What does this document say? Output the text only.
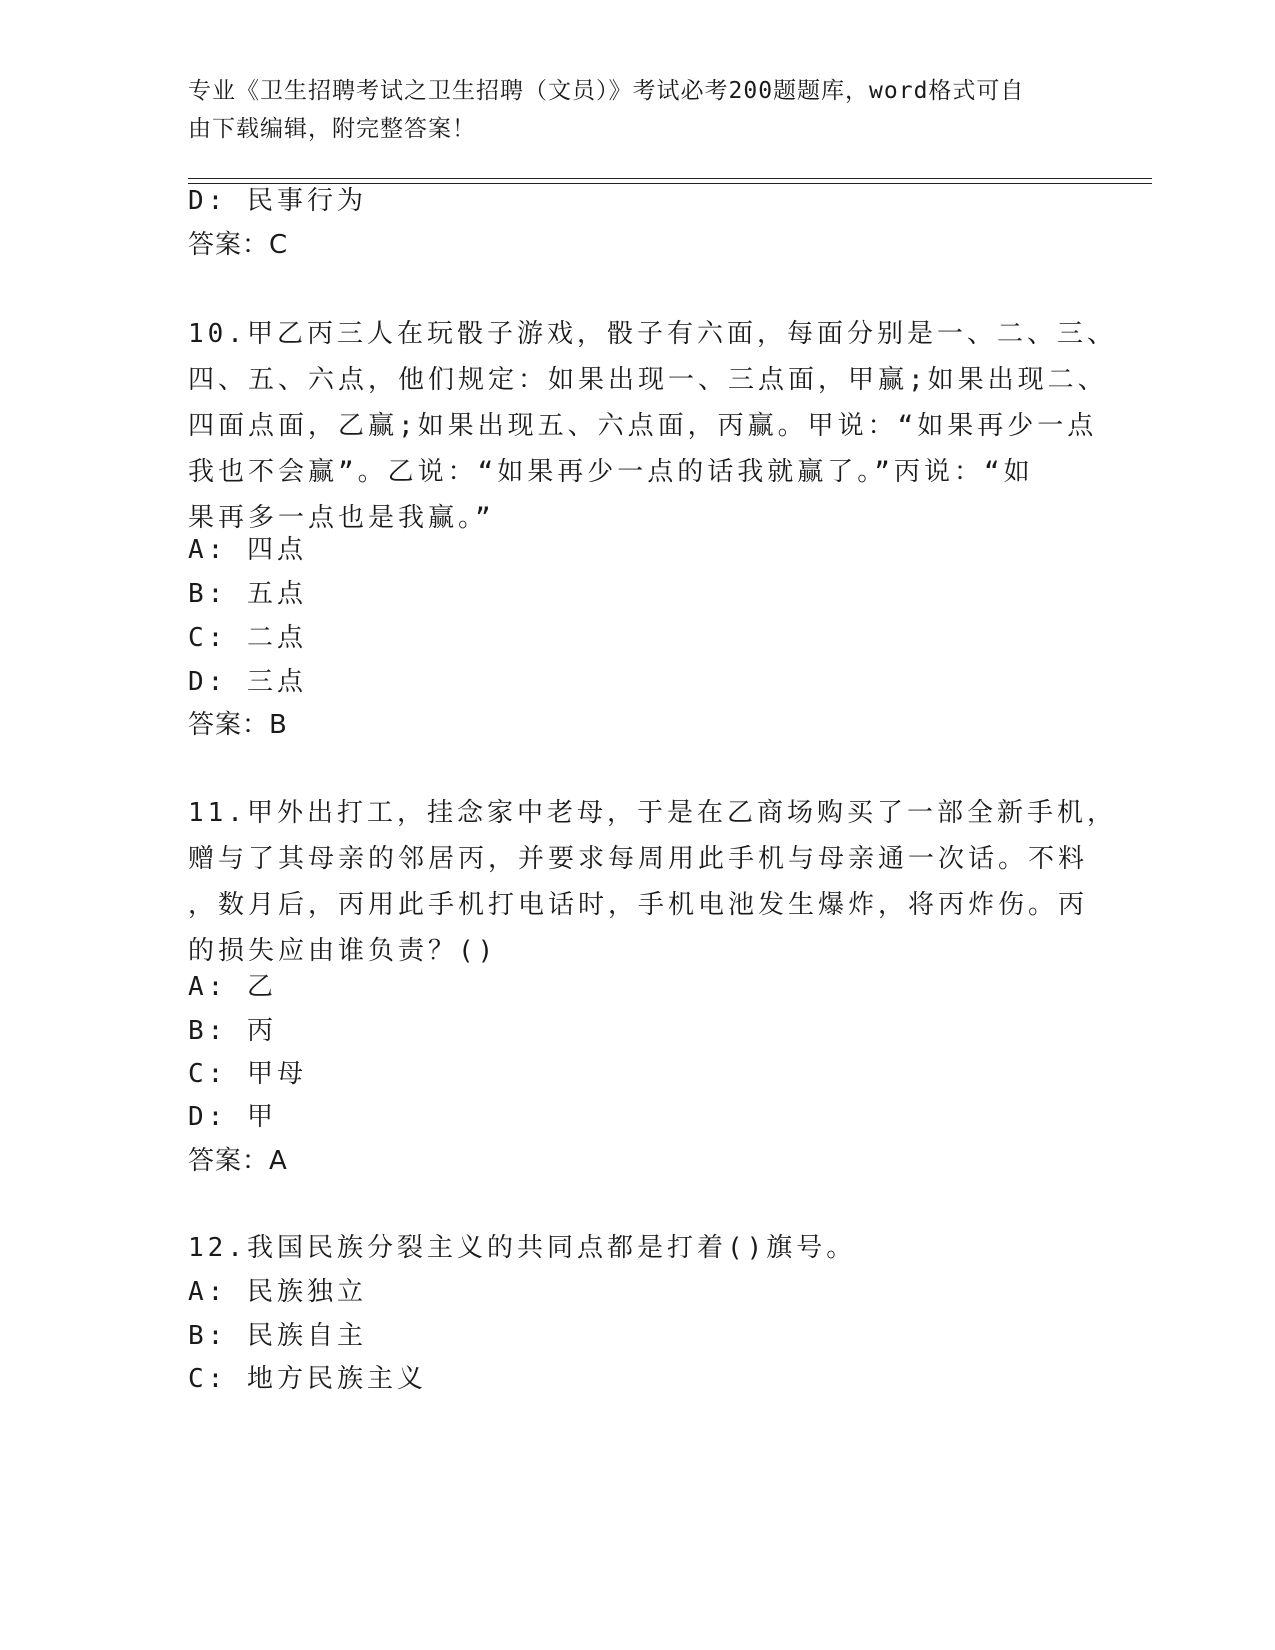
专业《卫生招聘考试之卫生招聘（文员）》考试必考200题题库，word格式可自
由下载编辑，附完整答案！
D: 民事行为
答案：C
10.甲乙丙三人在玩骰子游戏，骰子有六面，每面分别是一、二、三、
四、五、六点，他们规定：如果出现一、三点面，甲赢;如果出现二、
四面点面，乙赢;如果出现五、六点面，丙赢。甲说：“如果再少一点
我也不会赢”。乙说：“如果再少一点的话我就赢了。”丙说：“如
果再多一点也是我赢。”
A: 四点
B: 五点
C: 二点
D: 三点
答案：B
11.甲外出打工，挂念家中老母，于是在乙商场购买了一部全新手机，
赠与了其母亲的邻居丙，并要求每周用此手机与母亲通一次话。不料
，数月后，丙用此手机打电话时，手机电池发生爆炸，将丙炸伤。丙
的损失应由谁负责？()
A: 乙
B: 丙
C: 甲母
D: 甲
答案：A
12.我国民族分裂主义的共同点都是打着()旗号。
A: 民族独立
B: 民族自主
C: 地方民族主义
